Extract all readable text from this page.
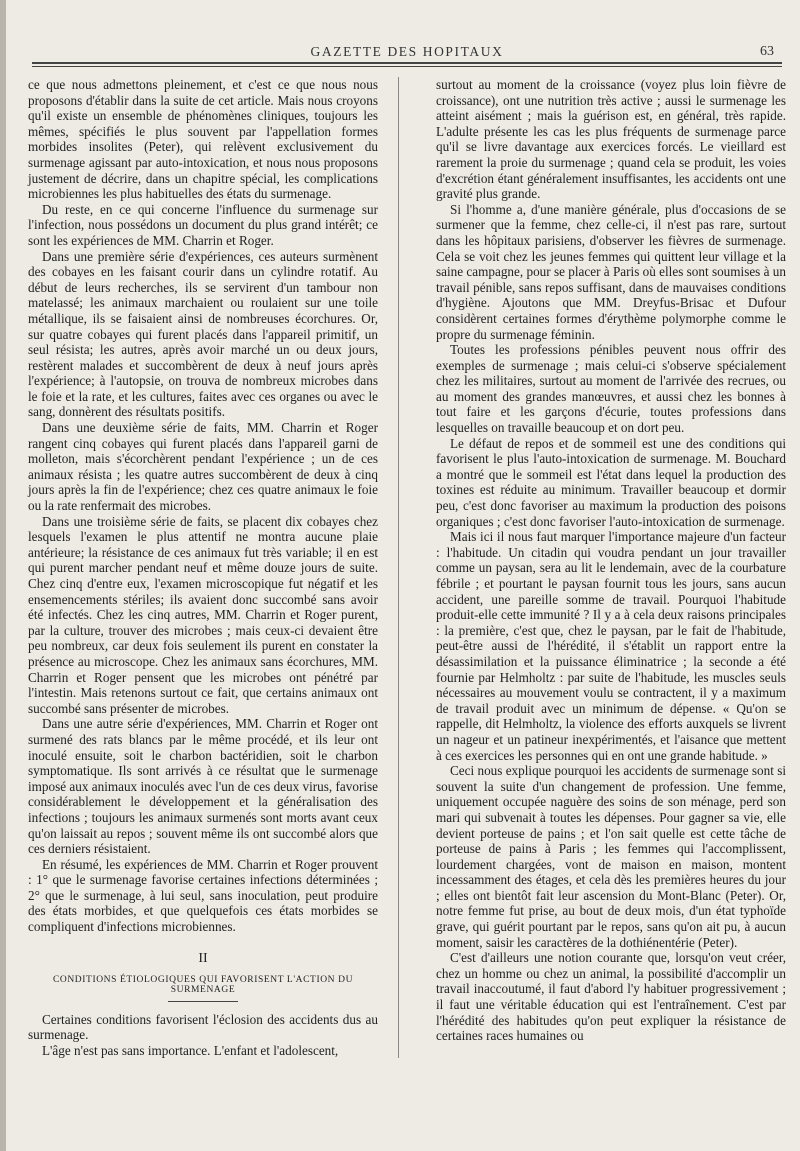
GAZETTE DES HOPITAUX	63

ce que nous admettons pleinement, et c'est ce que nous nous proposons d'établir dans la suite de cet article. Mais nous croyons qu'il existe un ensemble de phénomènes cliniques, toujours les mêmes, spécifiés le plus souvent par l'appellation formes morbides insolites (Peter), qui relèvent exclusivement du surmenage agissant par auto-intoxication, et nous nous proposons justement de décrire, dans un chapitre spécial, les complications microbiennes les plus habituelles des états du surmenage.

Du reste, en ce qui concerne l'influence du surmenage sur l'infection, nous possédons un document du plus grand intérêt; ce sont les expériences de MM. Charrin et Roger.

Dans une première série d'expériences, ces auteurs surmènent des cobayes en les faisant courir dans un cylindre rotatif. Au début de leurs recherches, ils se servirent d'un tambour non matelassé; les animaux marchaient ou roulaient sur une toile métallique, ils se faisaient ainsi de nombreuses écorchures. Or, sur quatre cobayes qui furent placés dans l'appareil primitif, un seul résista; les autres, après avoir marché un ou deux jours, restèrent malades et succombèrent de deux à neuf jours après l'expérience; à l'autopsie, on trouva de nombreux microbes dans le foie et la rate, et les cultures, faites avec ces organes ou avec le sang, donnèrent des résultats positifs.

Dans une deuxième série de faits, MM. Charrin et Roger rangent cinq cobayes qui furent placés dans l'appareil garni de molleton, mais s'écorchèrent pendant l'expérience ; un de ces animaux résista ; les quatre autres succombèrent de deux à cinq jours après la fin de l'expérience; chez ces quatre animaux le foie ou la rate renfermait des microbes.

Dans une troisième série de faits, se placent dix cobayes chez lesquels l'examen le plus attentif ne montra aucune plaie antérieure; la résistance de ces animaux fut très variable; il en est qui purent marcher pendant neuf et même douze jours de suite. Chez cinq d'entre eux, l'examen microscopique fut négatif et les ensemencements stériles; ils avaient donc succombé sans avoir été infectés. Chez les cinq autres, MM. Charrin et Roger purent, par la culture, trouver des microbes ; mais ceux-ci devaient être peu nombreux, car deux fois seulement ils purent en constater la présence au microscope. Chez les animaux sans écorchures, MM. Charrin et Roger pensent que les microbes ont pénétré par l'intestin. Mais retenons surtout ce fait, que certains animaux ont succombé sans présenter de microbes.

Dans une autre série d'expériences, MM. Charrin et Roger ont surmené des rats blancs par le même procédé, et ils leur ont inoculé ensuite, soit le charbon bactéridien, soit le charbon symptomatique. Ils sont arrivés à ce résultat que le surmenage imposé aux animaux inoculés avec l'un de ces deux virus, favorise considérablement le développement et la généralisation des infections ; toujours les animaux surmenés sont morts avant ceux qu'on laissait au repos ; souvent même ils ont succombé alors que ces derniers résistaient.

En résumé, les expériences de MM. Charrin et Roger prouvent : 1° que le surmenage favorise certaines infections déterminées ; 2° que le surmenage, à lui seul, sans inoculation, peut produire des états morbides, et que quelquefois ces états morbides se compliquent d'infections microbiennes.

II
CONDITIONS ÉTIOLOGIQUES QUI FAVORISENT L'ACTION DU SURMENAGE

Certaines conditions favorisent l'éclosion des accidents dus au surmenage.

L'âge n'est pas sans importance. L'enfant et l'adolescent,

surtout au moment de la croissance (voyez plus loin fièvre de croissance), ont une nutrition très active ; aussi le surmenage les atteint aisément ; mais la guérison est, en général, très rapide. L'adulte présente les cas les plus fréquents de surmenage parce qu'il se livre davantage aux exercices forcés. Le vieillard est rarement la proie du surmenage ; quand cela se produit, les voies d'excrétion étant généralement insuffisantes, les accidents ont une gravité plus grande.

Si l'homme a, d'une manière générale, plus d'occasions de se surmener que la femme, chez celle-ci, il n'est pas rare, surtout dans les hôpitaux parisiens, d'observer les fièvres de surmenage. Cela se voit chez les jeunes femmes qui quittent leur village et la saine campagne, pour se placer à Paris où elles sont soumises à un travail pénible, sans repos suffisant, dans de mauvaises conditions d'hygiène. Ajoutons que MM. Dreyfus-Brisac et Dufour considèrent certaines formes d'érythème polymorphe comme le propre du surmenage féminin.

Toutes les professions pénibles peuvent nous offrir des exemples de surmenage ; mais celui-ci s'observe spécialement chez les militaires, surtout au moment de l'arrivée des recrues, ou au moment des grandes manœuvres, et aussi chez les bonnes à tout faire et les garçons d'écurie, toutes professions dans lesquelles on travaille beaucoup et on dort peu.

Le défaut de repos et de sommeil est une des conditions qui favorisent le plus l'auto-intoxication de surmenage. M. Bouchard a montré que le sommeil est l'état dans lequel la production des toxines est réduite au minimum. Travailler beaucoup et dormir peu, c'est donc favoriser au maximum la production des poisons organiques ; c'est donc favoriser l'auto-intoxication de surmenage.

Mais ici il nous faut marquer l'importance majeure d'un facteur : l'habitude. Un citadin qui voudra pendant un jour travailler comme un paysan, sera au lit le lendemain, avec de la courbature fébrile ; et pourtant le paysan fournit tous les jours, sans aucun accident, une pareille somme de travail. Pourquoi l'habitude produit-elle cette immunité ? Il y a à cela deux raisons principales : la première, c'est que, chez le paysan, par le fait de l'habitude, peut-être aussi de l'hérédité, il s'établit un rapport entre la désassimilation et la puissance éliminatrice ; la seconde a été fournie par Helmholtz : par suite de l'habitude, les muscles seuls nécessaires au mouvement voulu se contractent, il y a maximum de travail produit avec un minimum de dépense. « Qu'on se rappelle, dit Helmholtz, la violence des efforts auxquels se livrent un nageur et un patineur inexpérimentés, et l'aisance que mettent à ces exercices les personnes qui en ont une grande habitude. »

Ceci nous explique pourquoi les accidents de surmenage sont si souvent la suite d'un changement de profession. Une femme, uniquement occupée naguère des soins de son ménage, perd son mari qui subvenait à toutes les dépenses. Pour gagner sa vie, elle devient porteuse de pains ; et l'on sait quelle est cette tâche de porteuse de pains à Paris ; les femmes qui l'accomplissent, lourdement chargées, vont de maison en maison, montent incessamment des étages, et cela dès les premières heures du jour ; elles ont bientôt fait leur ascension du Mont-Blanc (Peter). Or, notre femme fut prise, au bout de deux mois, d'un état typhoïde grave, qui guérit pourtant par le repos, sans qu'on ait pu, à aucun moment, saisir les caractères de la dothiénentérie (Peter).

C'est d'ailleurs une notion courante que, lorsqu'on veut créer, chez un homme ou chez un animal, la possibilité d'accomplir un travail inaccoutumé, il faut d'abord l'y habituer progressivement ; il faut une véritable éducation qui est l'entraînement. C'est par l'hérédité des habitudes qu'on peut expliquer la résistance de certaines races humaines ou
